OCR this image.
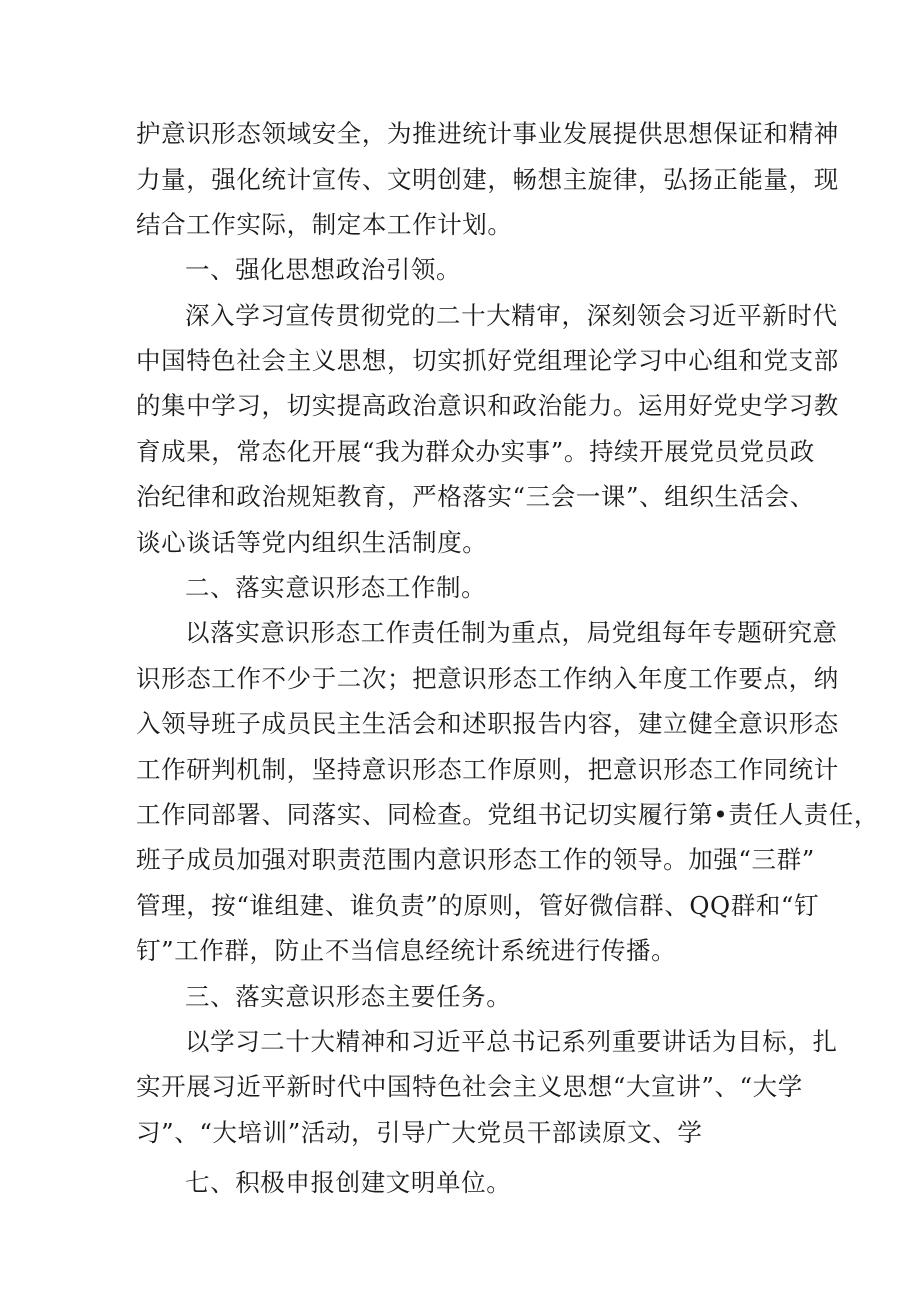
护意识形态领域安全，为推进统计事业发展提供思想保证和精神
力量，强化统计宣传、文明创建，畅想主旋律，弘扬正能量，现
结合工作实际，制定本工作计划。
一、强化思想政治引领。
深入学习宣传贯彻党的二十大精审，深刻领会习近平新时代
中国特色社会主义思想，切实抓好党组理论学习中心组和党支部
的集中学习，切实提高政治意识和政治能力。运用好党史学习教
育成果，常态化开展“我为群众办实事”。持续开展党员党员政
治纪律和政治规矩教育，严格落实“三会一课”、组织生活会、
谈心谈话等党内组织生活制度。
二、落实意识形态工作制。
以落实意识形态工作责任制为重点，局党组每年专题研究意
识形态工作不少于二次；把意识形态工作纳入年度工作要点，纳
入领导班子成员民主生活会和述职报告内容，建立健全意识形态
工作研判机制，坚持意识形态工作原则，把意识形态工作同统计
工作同部署、同落实、同检查。党组书记切实履行第•责任人责任，
班子成员加强对职责范围内意识形态工作的领导。加强“三群”
管理，按“谁组建、谁负责”的原则，管好微信群、QQ群和“钉
钉”工作群，防止不当信息经统计系统进行传播。
三、落实意识形态主要任务。
以学习二十大精神和习近平总书记系列重要讲话为目标，扎
实开展习近平新时代中国特色社会主义思想“大宣讲”、“大学
习”、“大培训”活动，引导广大党员干部读原文、学
七、积极申报创建文明单位。
